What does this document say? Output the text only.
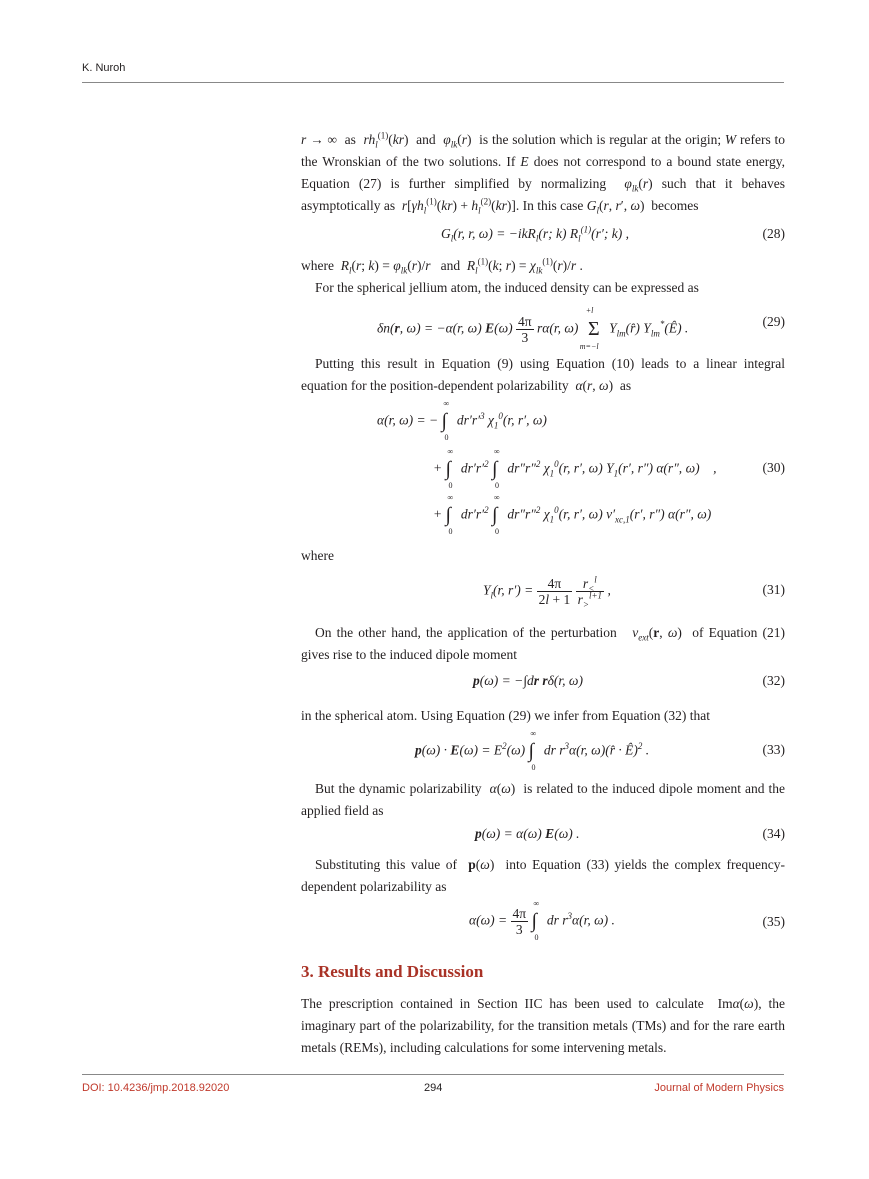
K. Nuroh
r → ∞  as  $rh_l^{(1)}(kr)$  and $\varphi_{lk}(r)$  is the solution which is regular at the origin; W refers to the Wronskian of the two solutions. If E does not correspond to a bound state energy, Equation (27) is further simplified by normalizing $\varphi_{lk}(r)$ such that it behaves asymptotically as $r[\gamma h_l^{(1)}(kr) + h_l^{(2)}(kr)]$. In this case $G_l(r$, r′, ω)  becomes
$G_l(r$, r, ω) = −ikR$_l$(r; k) $R_l^{(1)}(r'$; k) ,	(28)
where $R_l(r$; $k) = \varphi_{lk}(r)/r$ and $R_l^{(1)}(k$; $r) = \chi_{lk}^{(1)}(r)/r$ .
For the spherical jellium atom, the induced density can be expressed as
δn(r, ω) = −α(r, ω) $E(\omega) \frac{4\pi}{3} r\alpha(r$, ω) Σ
+l
m=−l
$Y_{lm}(r̂)$ $Y_{lm}^*(Ê)$ .	(29)
Putting this result in Equation (9) using Equation (10) leads to a linear integral equation for the position-dependent polarizability α(r, ω)  as
α(r, ω) = − ∫
∞
0
$dr'r'^3$ $\chi_1^0(r$, r′, ω)
+ ∫
∞
0
$dr'r'^2$ ∫
∞
0
dr″r″$^2$ $\chi_1^0(r$, r′, ω) $Y_1(r'$, r″) α(r″, ω)    ,	(30)
+ ∫
∞
0
$dr'r'^2$ ∫
∞
0
dr″r″$^2$ $\chi_1^0(r$, r′, ω) $v'_{xc,1}(r'$, r″) α(r″, ω)
where
$Y_l(r$, $r') = \frac{4\pi}{2l + 1}$
$\frac{r_<^l}{r_>^{l+1}}$ ,	(31)
On the other hand, the application of the perturbation $v_{ext}(r$, ω)  of Equation (21) gives rise to the induced dipole moment
p(ω) = −∫dr rδ(r, ω)	(32)
in the spherical atom. Using Equation (29) we infer from Equation (32) that
$p(\omega) \cdot E(\omega) = E^2(\omega)$ ∫
∞
0
dr $r^3\alpha(r$, ω)(r̂ · Ê)$^2$ .	(33)
But the dynamic polarizability α(ω)  is related to the induced dipole moment and the applied field as
p(ω) = α(ω) E(ω) .	(34)
Substituting this value of p(ω)  into Equation (33) yields the complex frequency-dependent polarizability as
$\alpha(\omega) = \frac{4\pi}{3}$ ∫
∞
0
dr $r^3\alpha(r$, ω) .	(35)
3. Results and Discussion
The prescription contained in Section IIC has been used to calculate  Imα(ω), the imaginary part of the polarizability, for the transition metals (TMs) and for the rare earth metals (REMs), including calculations for some intervening metals.
DOI: 10.4236/jmp.2018.92020	294	Journal of Modern Physics
